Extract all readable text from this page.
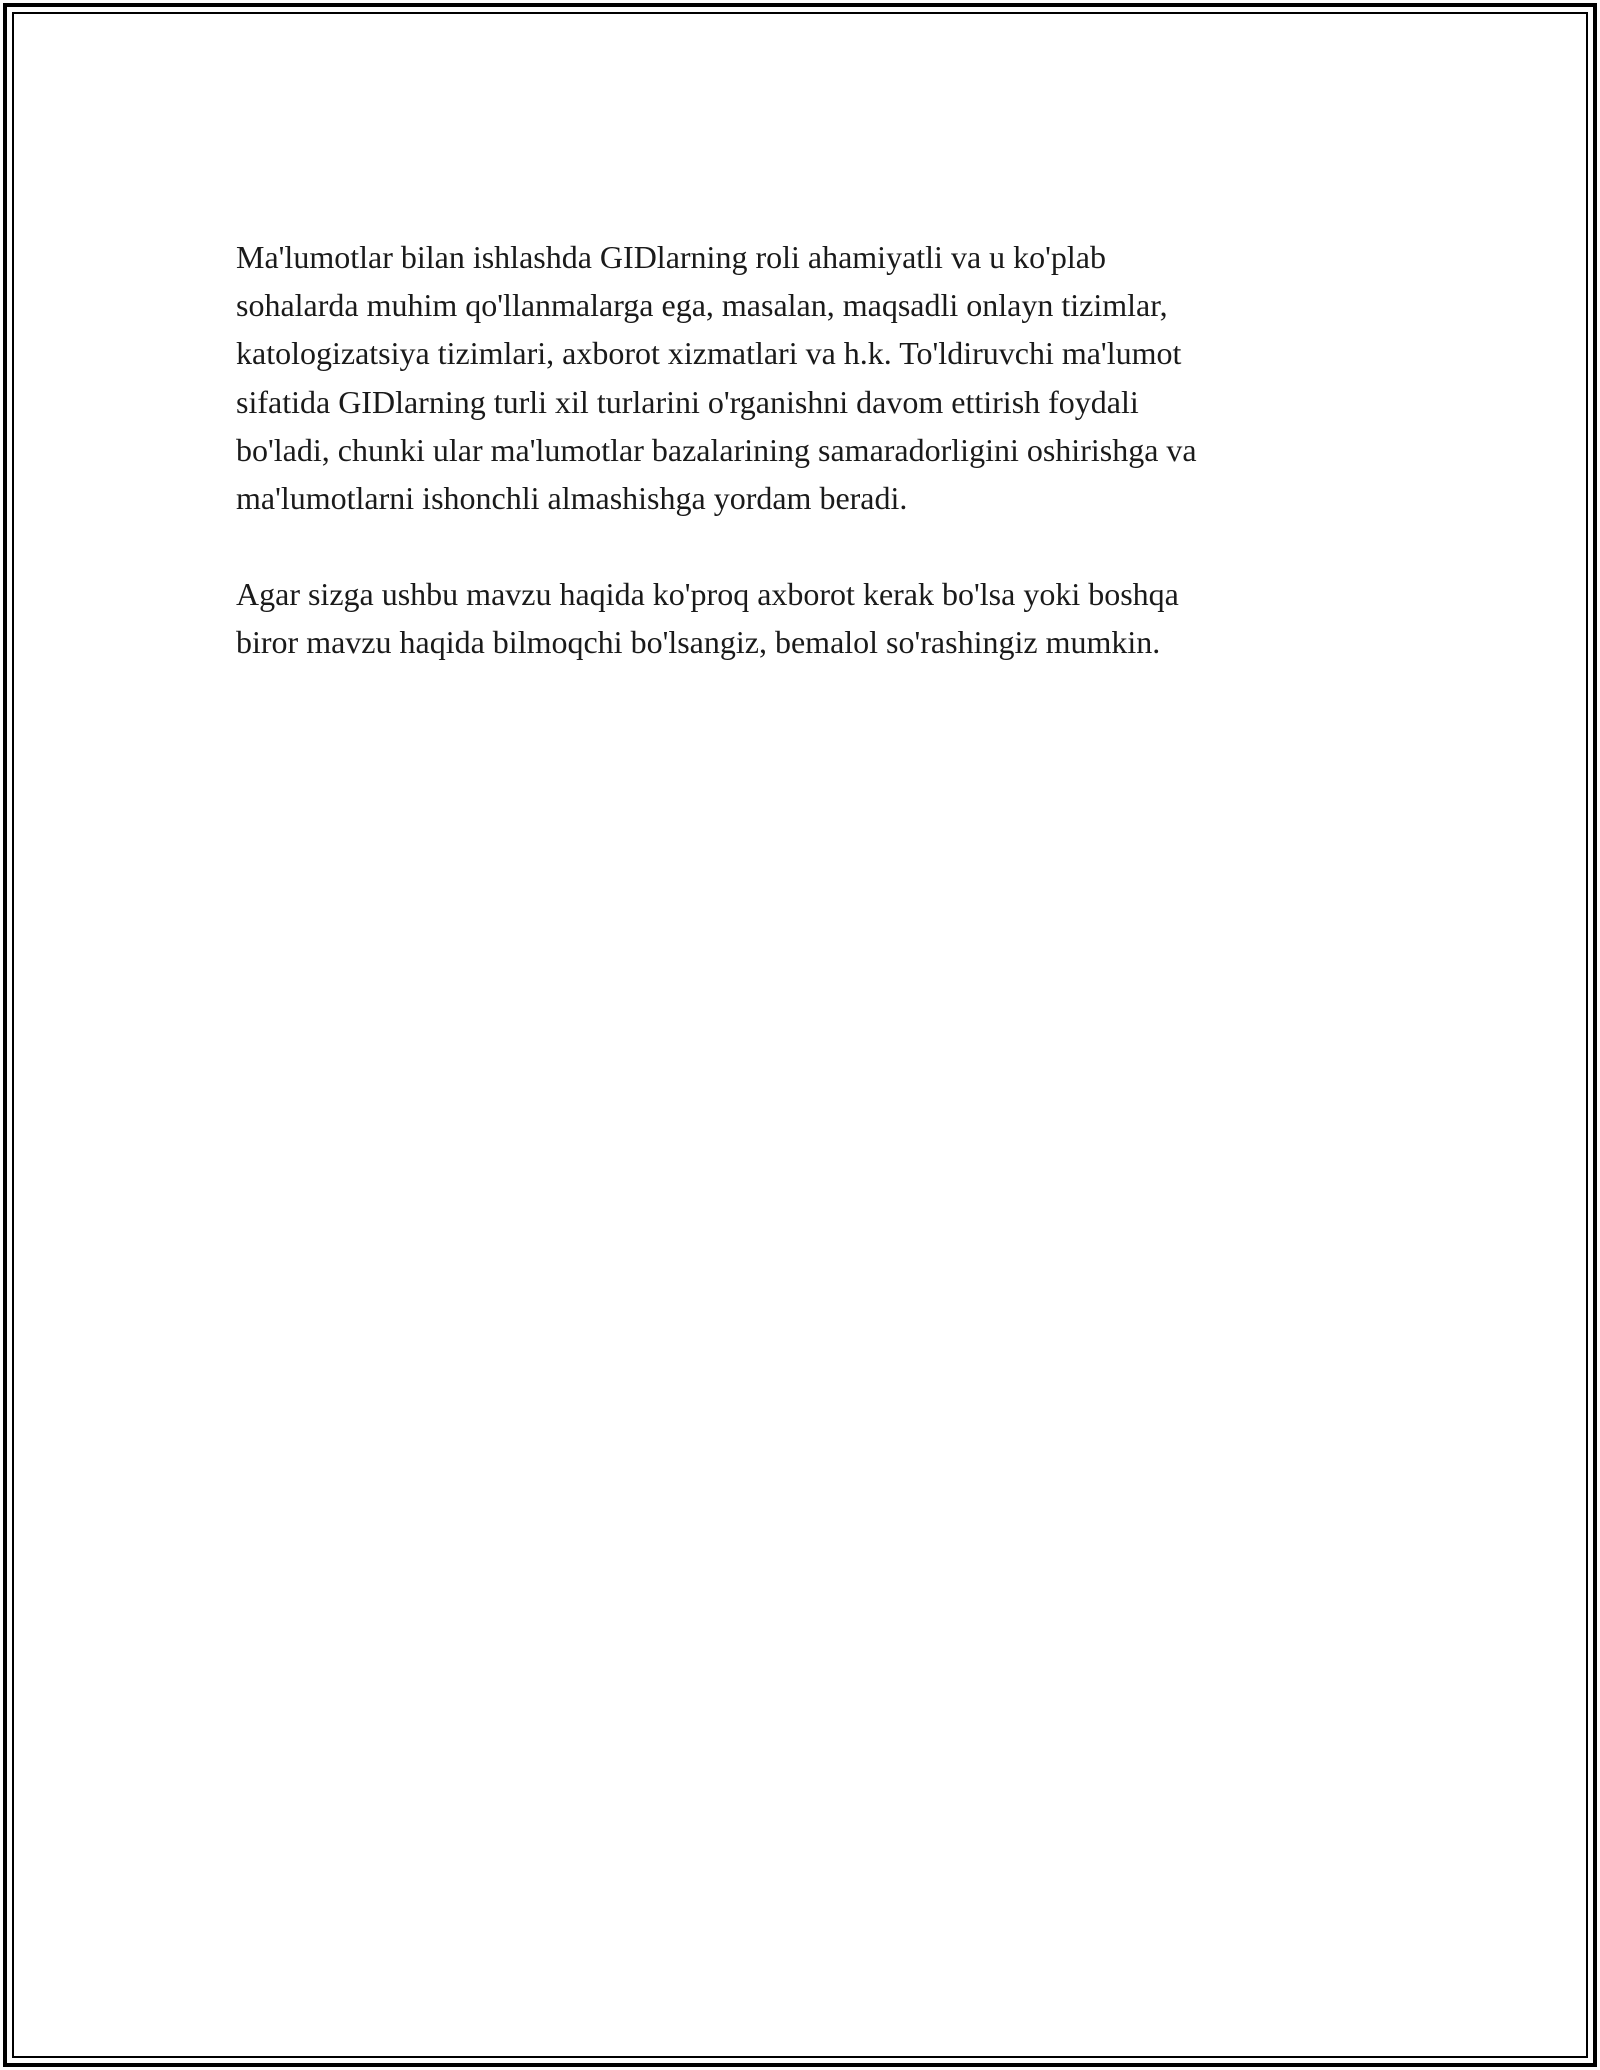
Ma'lumotlar bilan ishlashda GIDlarning roli ahamiyatli va u ko'plab
sohalarda muhim qo'llanmalarga ega, masalan, maqsadli onlayn tizimlar,
katologizatsiya tizimlari, axborot xizmatlari va h.k. To'ldiruvchi ma'lumot
sifatida GIDlarning turli xil turlarini o'rganishni davom ettirish foydali
bo'ladi, chunki ular ma'lumotlar bazalarining samaradorligini oshirishga va
ma'lumotlarni ishonchli almashishga yordam beradi.

Agar sizga ushbu mavzu haqida ko'proq axborot kerak bo'lsa yoki boshqa
biror mavzu haqida bilmoqchi bo'lsangiz, bemalol so'rashingiz mumkin.
